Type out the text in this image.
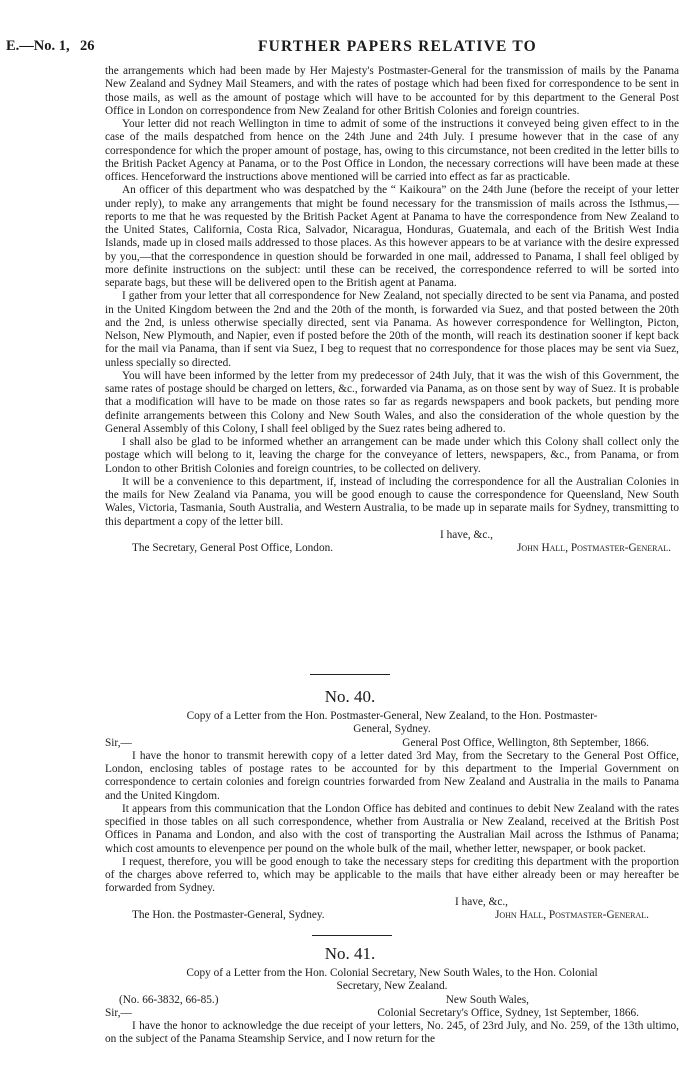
E.—No. 1, 26	FURTHER PAPERS RELATIVE TO

the arrangements which had been made by Her Majesty's Postmaster-General for the transmission of mails by the Panama New Zealand and Sydney Mail Steamers, and with the rates of postage which had been fixed for correspondence to be sent in those mails, as well as the amount of postage which will have to be accounted for by this department to the General Post Office in London on correspondence from New Zealand for other British Colonies and foreign countries.

Your letter did not reach Wellington in time to admit of some of the instructions it conveyed being given effect to in the case of the mails despatched from hence on the 24th June and 24th July. I presume however that in the case of any correspondence for which the proper amount of postage, has, owing to this circumstance, not been credited in the letter bills to the British Packet Agency at Panama, or to the Post Office in London, the necessary corrections will have been made at these offices. Henceforward the instructions above mentioned will be carried into effect as far as practicable.

An officer of this department who was despatched by the “ Kaikoura” on the 24th June (before the receipt of your letter under reply), to make any arrangements that might be found necessary for the transmission of mails across the Isthmus,—reports to me that he was requested by the British Packet Agent at Panama to have the correspondence from New Zealand to the United States, California, Costa Rica, Salvador, Nicaragua, Honduras, Guatemala, and each of the British West India Islands, made up in closed mails addressed to those places. As this however appears to be at variance with the desire expressed by you,—that the correspondence in question should be forwarded in one mail, addressed to Panama, I shall feel obliged by more definite instructions on the subject: until these can be received, the correspondence referred to will be sorted into separate bags, but these will be delivered open to the British agent at Panama.

I gather from your letter that all correspondence for New Zealand, not specially directed to be sent via Panama, and posted in the United Kingdom between the 2nd and the 20th of the month, is forwarded via Suez, and that posted between the 20th and the 2nd, is unless otherwise specially directed, sent via Panama. As however correspondence for Wellington, Picton, Nelson, New Plymouth, and Napier, even if posted before the 20th of the month, will reach its destination sooner if kept back for the mail via Panama, than if sent via Suez, I beg to request that no correspondence for those places may be sent via Suez, unless specially so directed.

You will have been informed by the letter from my predecessor of 24th July, that it was the wish of this Government, the same rates of postage should be charged on letters, &c., forwarded via Panama, as on those sent by way of Suez. It is probable that a modification will have to be made on those rates so far as regards newspapers and book packets, but pending more definite arrangements between this Colony and New South Wales, and also the consideration of the whole question by the General Assembly of this Colony, I shall feel obliged by the Suez rates being adhered to.

I shall also be glad to be informed whether an arrangement can be made under which this Colony shall collect only the postage which will belong to it, leaving the charge for the conveyance of letters, newspapers, &c., from Panama, or from London to other British Colonies and foreign countries, to be collected on delivery.

It will be a convenience to this department, if, instead of including the correspondence for all the Australian Colonies in the mails for New Zealand via Panama, you will be good enough to cause the correspondence for Queensland, New South Wales, Victoria, Tasmania, South Australia, and Western Australia, to be made up in separate mails for Sydney, transmitting to this department a copy of the letter bill.

I have, &c.,
The Secretary, General Post Office, London.	John Hall, Postmaster-General.
No. 40.
Copy of a Letter from the Hon. Postmaster-General, New Zealand, to the Hon. Postmaster-
General, Sydney.
Sir,—	General Post Office, Wellington, 8th September, 1866.

I have the honor to transmit herewith copy of a letter dated 3rd May, from the Secretary to the General Post Office, London, enclosing tables of postage rates to be accounted for by this department to the Imperial Government on correspondence to certain colonies and foreign countries forwarded from New Zealand and Australia in the mails to Panama and the United Kingdom.

It appears from this communication that the London Office has debited and continues to debit New Zealand with the rates specified in those tables on all such correspondence, whether from Australia or New Zealand, received at the British Post Offices in Panama and London, and also with the cost of transporting the Australian Mail across the Isthmus of Panama; which cost amounts to elevenpence per pound on the whole bulk of the mail, whether letter, newspaper, or book packet.

I request, therefore, you will be good enough to take the necessary steps for crediting this department with the proportion of the charges above referred to, which may be applicable to the mails that have either already been or may hereafter be forwarded from Sydney.

I have, &c.,
The Hon. the Postmaster-General, Sydney.	John Hall, Postmaster-General.
No. 41.
Copy of a Letter from the Hon. Colonial Secretary, New South Wales, to the Hon. Colonial
Secretary, New Zealand.
(No. 66-3832, 66-85.)	New South Wales,
Sir,—	Colonial Secretary's Office, Sydney, 1st September, 1866.

I have the honor to acknowledge the due receipt of your letters, No. 245, of 23rd July, and No. 259, of the 13th ultimo, on the subject of the Panama Steamship Service, and I now return for the
